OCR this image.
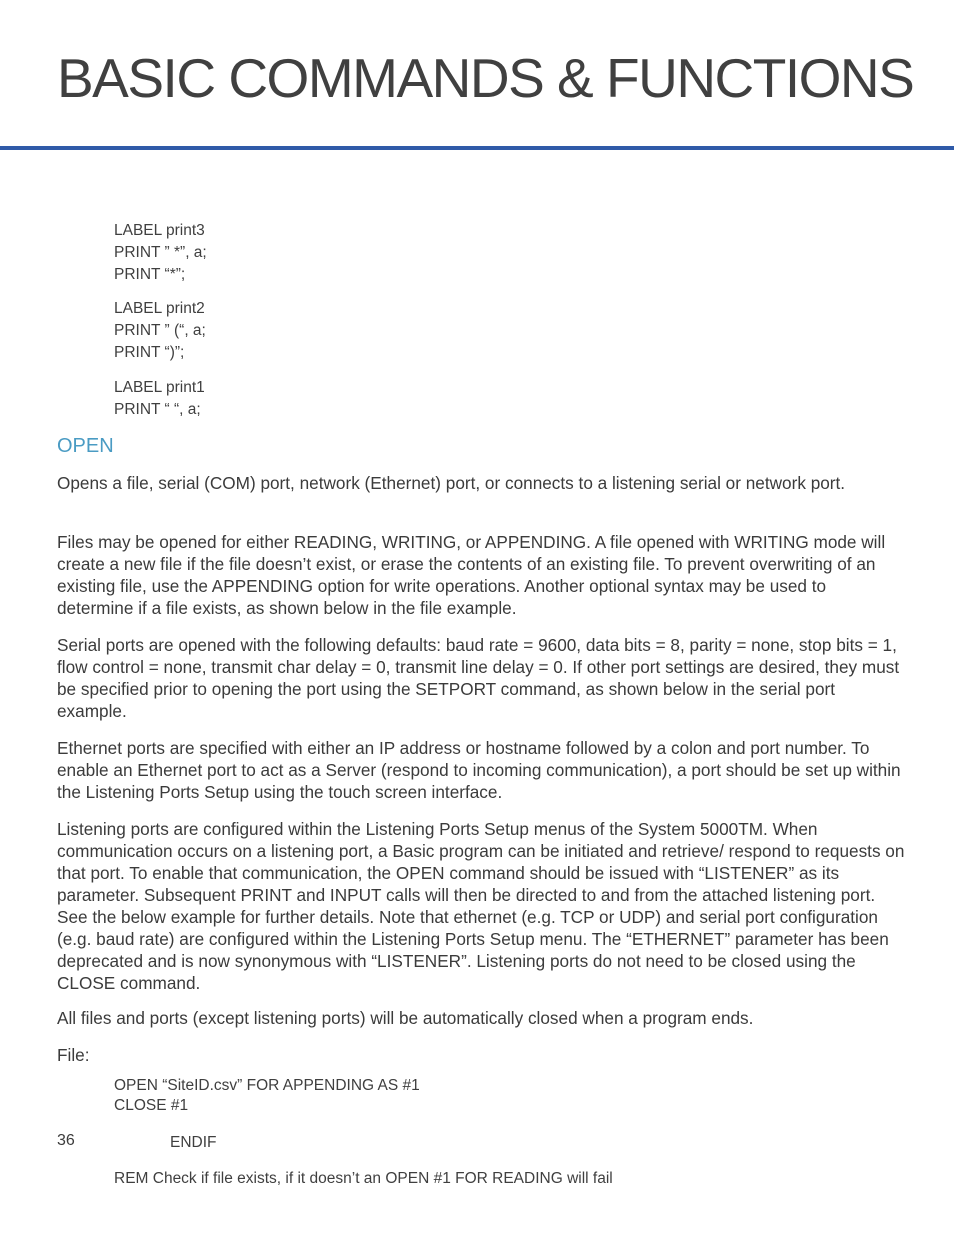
BASIC COMMANDS & FUNCTIONS
LABEL print3
PRINT ” *”, a;
PRINT “*”;
LABEL print2
PRINT ” (“, a;
PRINT “)”;
LABEL print1
PRINT “ “, a;
OPEN

Opens a file, serial (COM) port, network (Ethernet) port, or connects to a listening serial or network port.

Files may be opened for either READING, WRITING, or APPENDING. A file opened with WRITING mode will create a new file if the file doesn’t exist, or erase the contents of an existing file. To prevent overwriting of an existing file, use the APPENDING option for write operations. Another optional syntax may be used to determine if a file exists, as shown below in the file example.

Serial ports are opened with the following defaults: baud rate = 9600, data bits = 8, parity = none, stop bits = 1, flow control = none, transmit char delay = 0, transmit line delay = 0. If other port settings are desired, they must be specified prior to opening the port using the SETPORT command, as shown below in the serial port example.

Ethernet ports are specified with either an IP address or hostname followed by a colon and port number. To enable an Ethernet port to act as a Server (respond to incoming communication), a port should be set up within the Listening Ports Setup using the touch screen interface.

Listening ports are configured within the Listening Ports Setup menus of the System 5000TM. When communication occurs on a listening port, a Basic program can be initiated and retrieve/ respond to requests on that port. To enable that communication, the OPEN command should be issued with “LISTENER” as its parameter. Subsequent PRINT and INPUT calls will then be directed to and from the attached listening port. See the below example for further details. Note that ethernet (e.g. TCP or UDP) and serial port configuration (e.g. baud rate) are configured within the Listening Ports Setup menu. The “ETHERNET” parameter has been deprecated and is now synonymous with “LISTENER”. Listening ports do not need to be closed using the CLOSE command.

All files and ports (except listening ports) will be automatically closed when a program ends.

File:

OPEN “SiteID.csv” FOR APPENDING AS #1
CLOSE #1
36	ENDIF
REM Check if file exists, if it doesn’t an OPEN #1 FOR READING will fail
